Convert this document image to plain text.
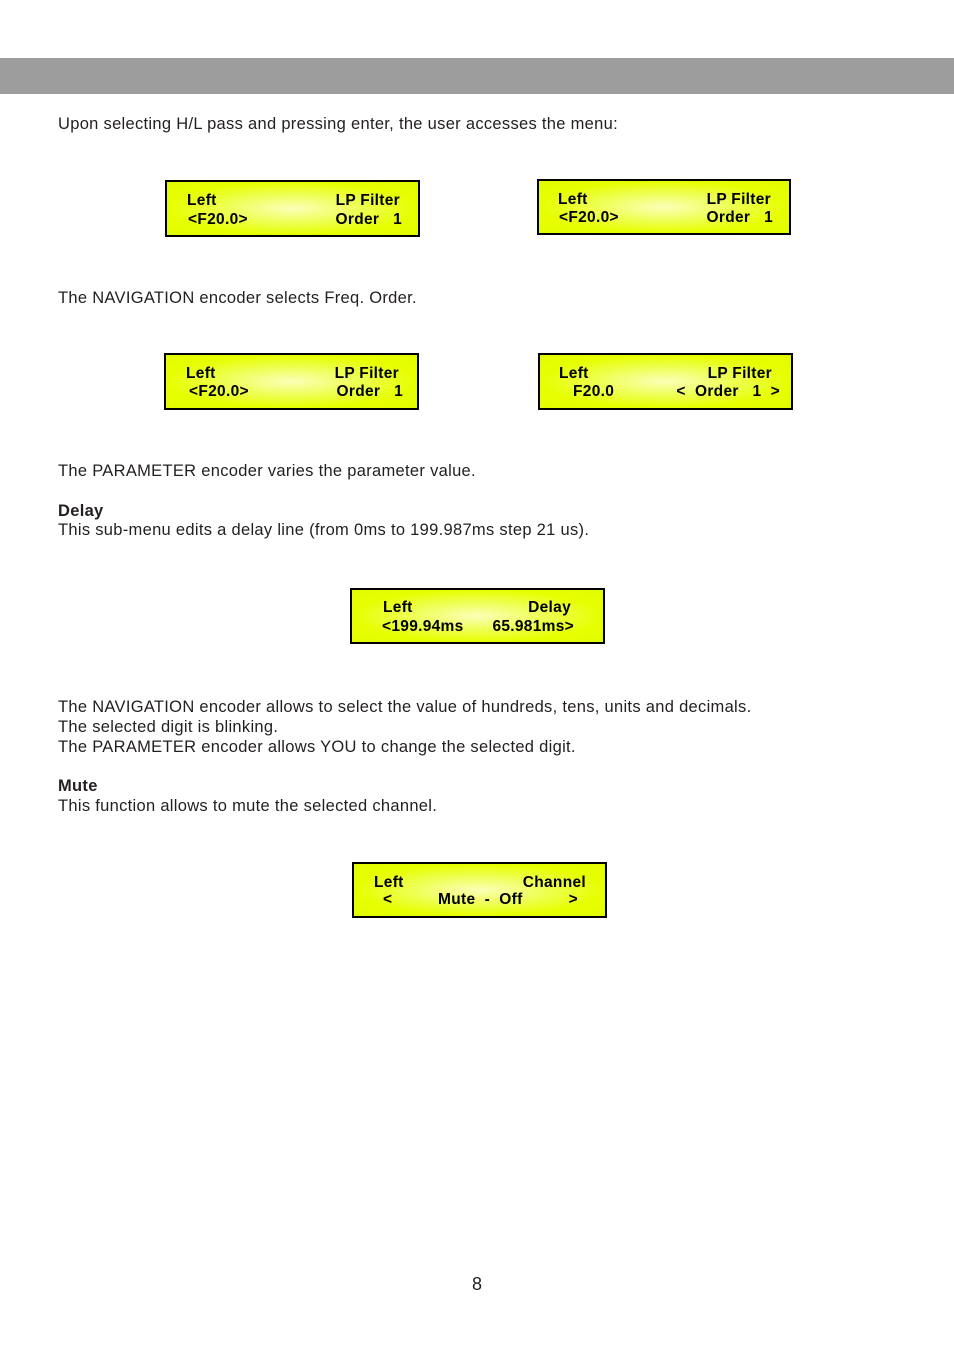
Upon selecting H/L pass and pressing enter, the user accesses the menu:
Left	LP Filter
<F20.0>	Order   1
Left	LP Filter
<F20.0>	Order   1
The NAVIGATION encoder selects Freq. Order.
Left	LP Filter
<F20.0>	Order   1
Left	LP Filter
F20.0	<  Order   1  >
The PARAMETER encoder varies the parameter value.
Delay
This sub-menu edits a delay line (from 0ms to 199.987ms step 21 us).
Left	Delay
<199.94ms 65.981ms>
The NAVIGATION encoder allows to select the value of hundreds, tens, units and decimals.
The selected digit is blinking.
The PARAMETER encoder allows YOU to change the selected digit.
Mute
This function allows to mute the selected channel.
Left	Channel
<	Mute  -  Off	>
8
